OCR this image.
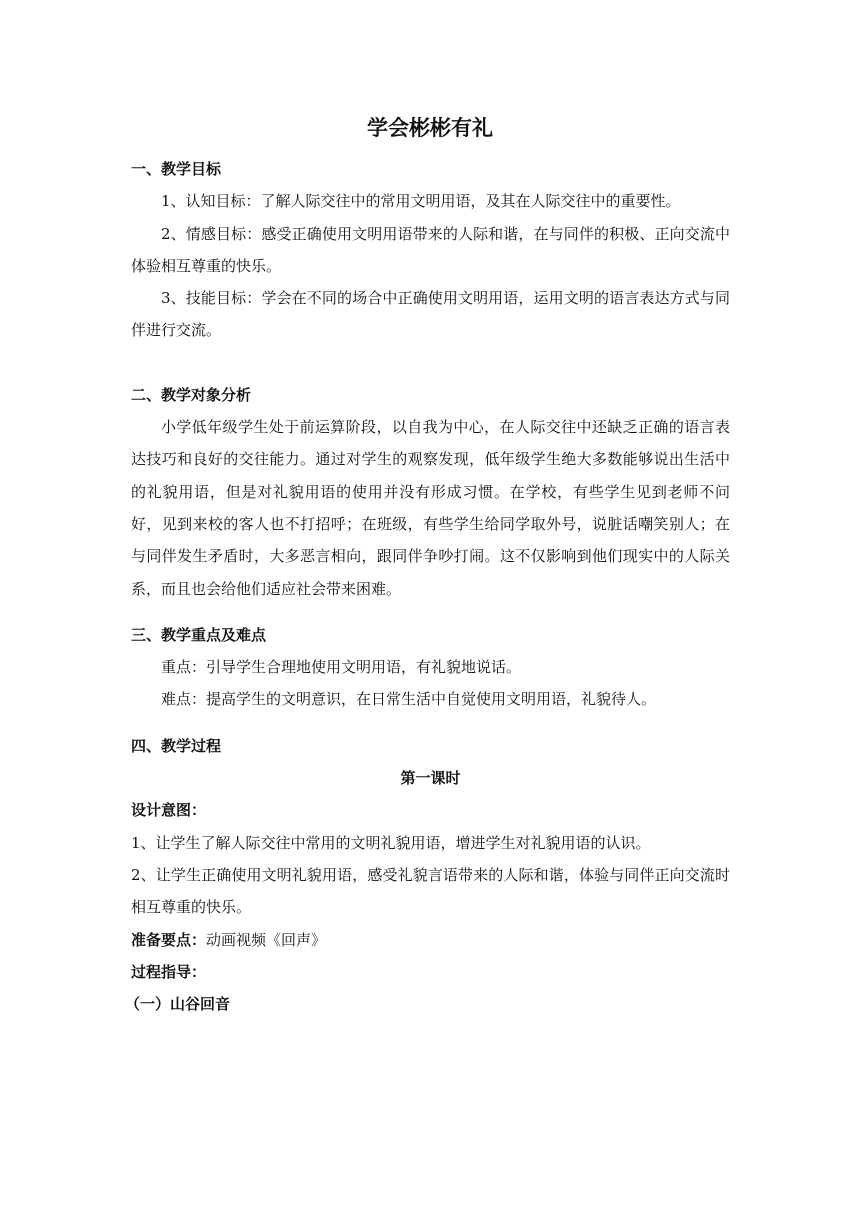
学会彬彬有礼
一、教学目标
1、认知目标：了解人际交往中的常用文明用语，及其在人际交往中的重要性。
2、情感目标：感受正确使用文明用语带来的人际和谐，在与同伴的积极、正向交流中体验相互尊重的快乐。
3、技能目标：学会在不同的场合中正确使用文明用语，运用文明的语言表达方式与同伴进行交流。
二、教学对象分析
小学低年级学生处于前运算阶段，以自我为中心，在人际交往中还缺乏正确的语言表达技巧和良好的交往能力。通过对学生的观察发现，低年级学生绝大多数能够说出生活中的礼貌用语，但是对礼貌用语的使用并没有形成习惯。在学校，有些学生见到老师不问好，见到来校的客人也不打招呼；在班级，有些学生给同学取外号，说脏话嘲笑别人；在与同伴发生矛盾时，大多恶言相向，跟同伴争吵打闹。这不仅影响到他们现实中的人际关系，而且也会给他们适应社会带来困难。
三、教学重点及难点
重点：引导学生合理地使用文明用语，有礼貌地说话。
难点：提高学生的文明意识，在日常生活中自觉使用文明用语，礼貌待人。
四、教学过程
第一课时
设计意图：
1、让学生了解人际交往中常用的文明礼貌用语，增进学生对礼貌用语的认识。
2、让学生正确使用文明礼貌用语，感受礼貌言语带来的人际和谐，体验与同伴正向交流时相互尊重的快乐。
准备要点：动画视频《回声》
过程指导：
（一）山谷回音
